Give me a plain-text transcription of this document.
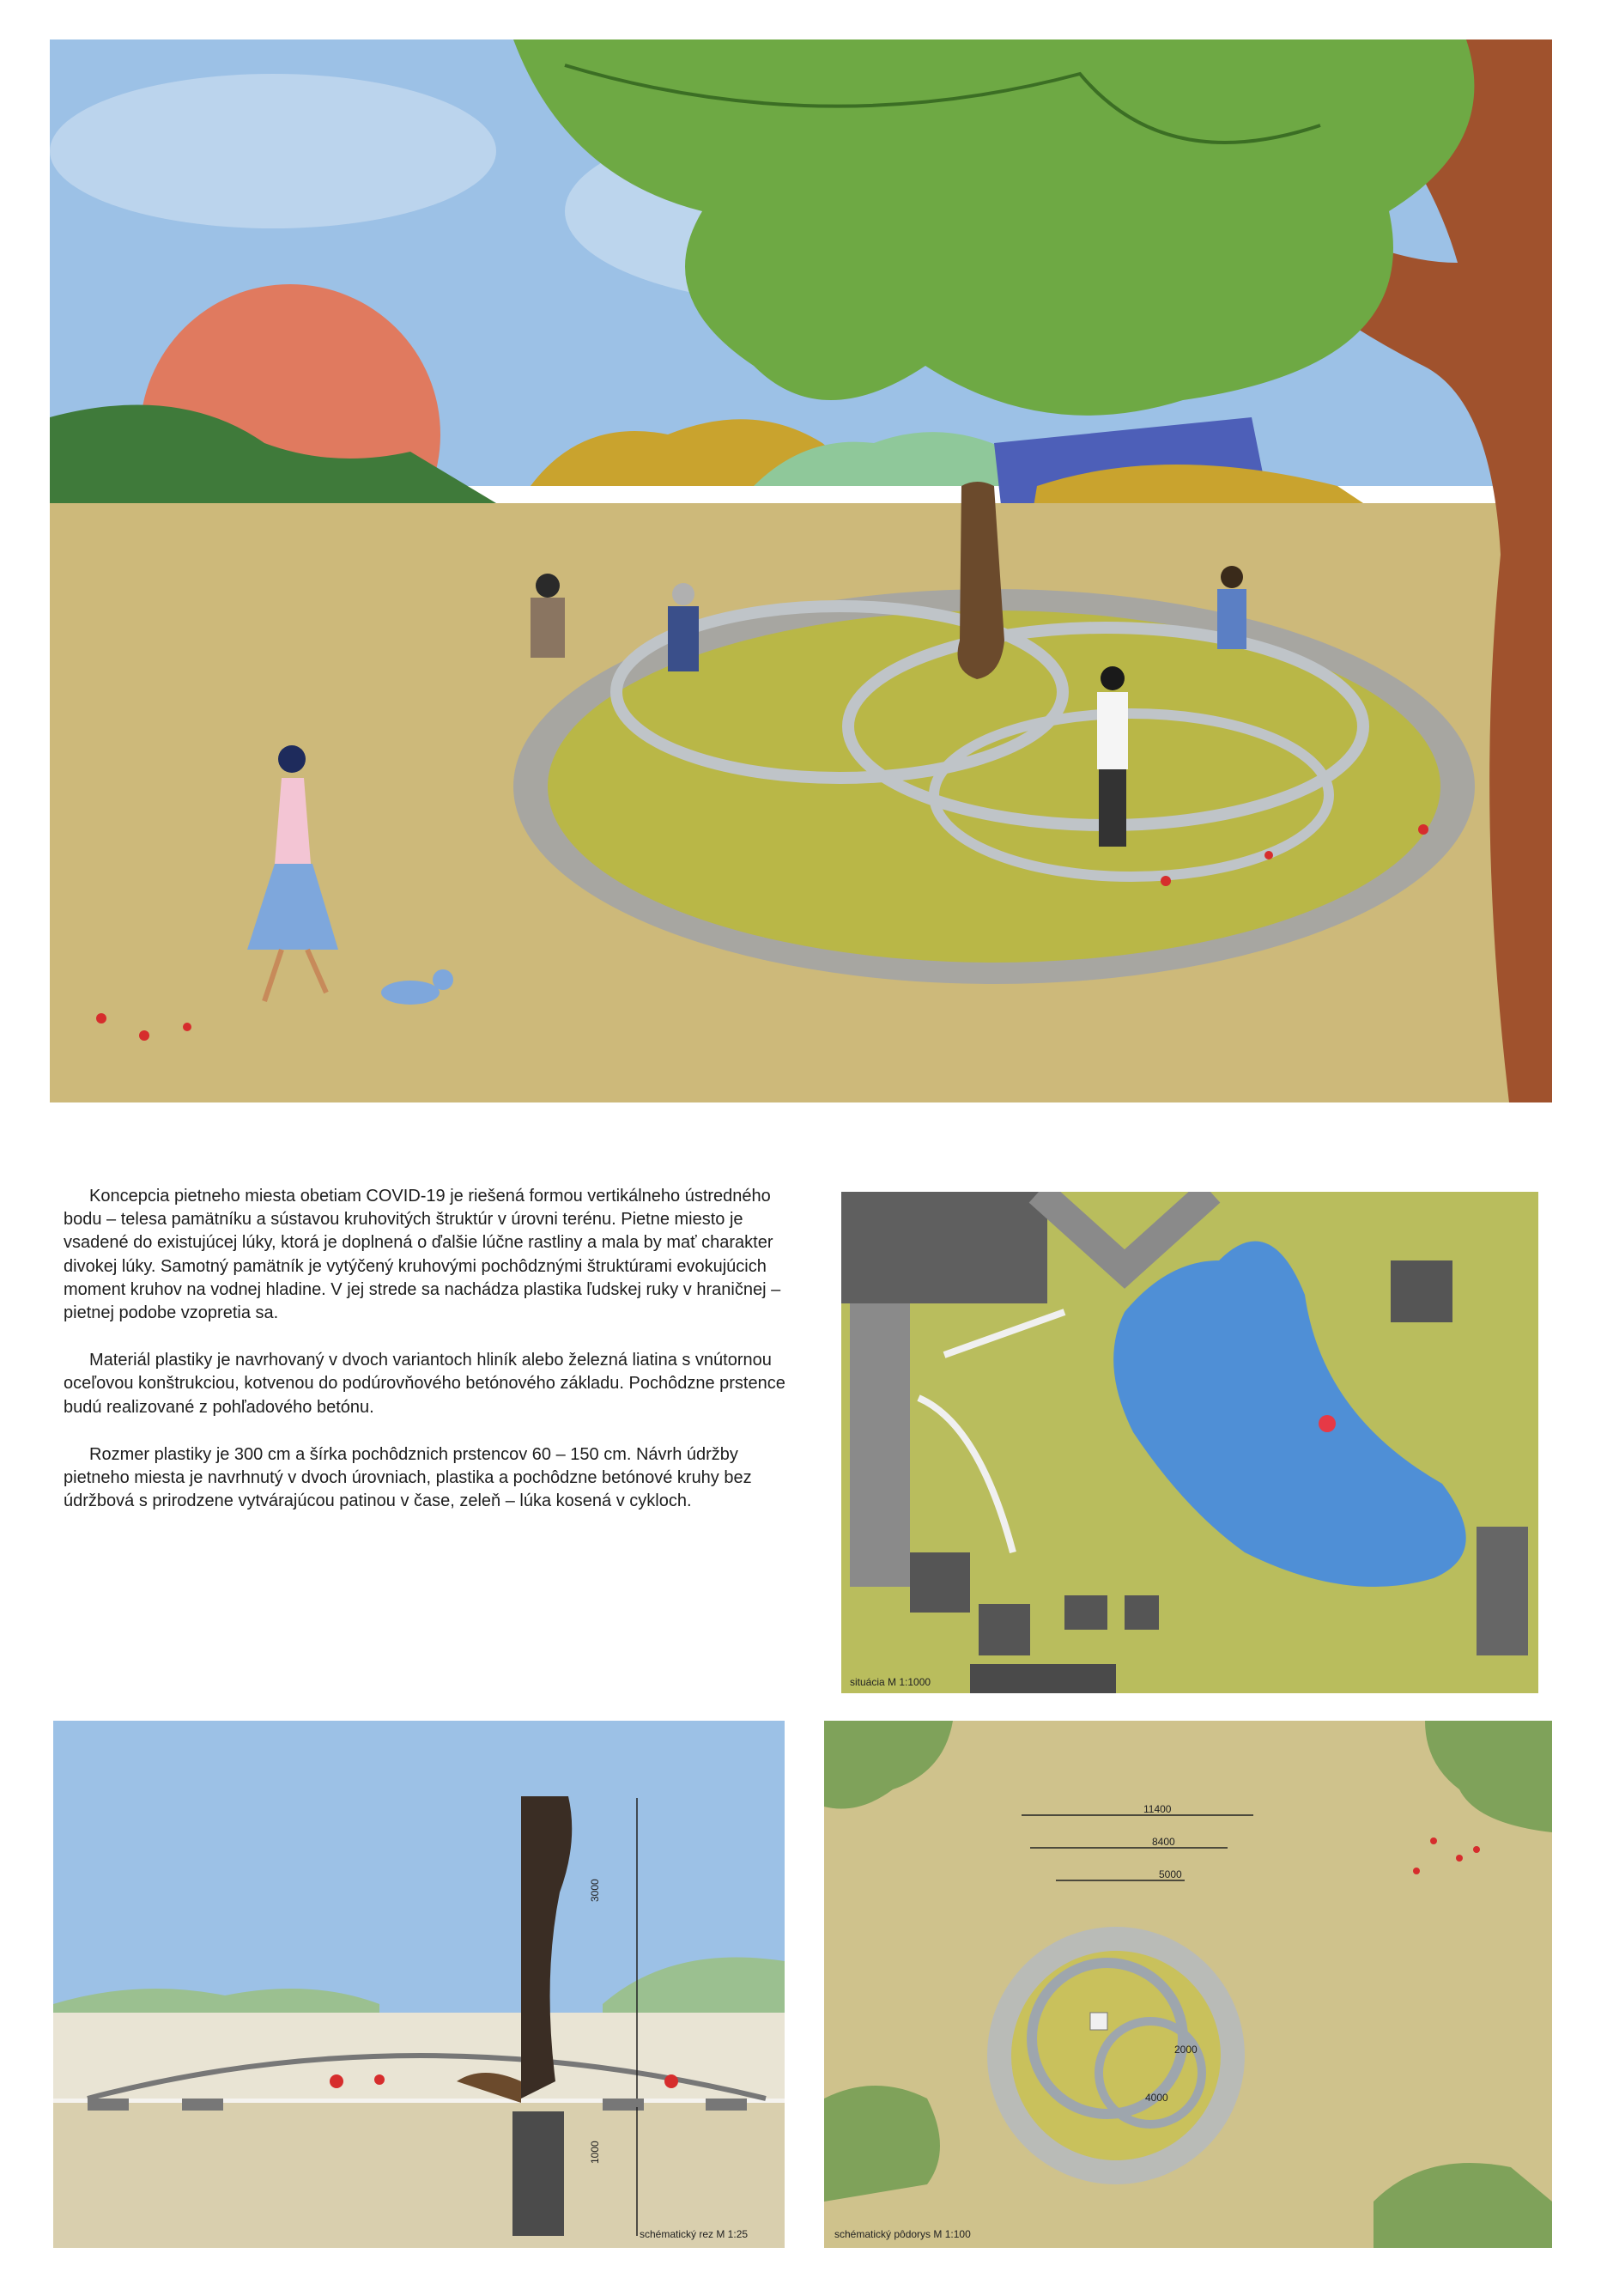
Koncepcia pietneho miesta obetiam COVID-19 je riešená formou vertikálneho ústredného bodu – telesa pamätníku a sústavou kruhovitých štruktúr v úrovni terénu. Pietne miesto je vsadené do existujúcej lúky, ktorá je doplnená o ďalšie lúčne rastliny a mala by mať charakter divokej lúky. Samotný pamätník je vytýčený kruhovými pochôdznými štruktúrami evokujúcich moment kruhov na vodnej hladine. V jej strede sa nachádza plastika ľudskej ruky v hraničnej – pietnej podobe vzopretia sa.

Materiál plastiky je navrhovaný v dvoch variantoch hliník alebo železná liatina s vnútornou oceľovou konštrukciou, kotvenou do podúrovňového betónového základu. Pochôdzne prstence budú realizované z pohľadového betónu.

Rozmer plastiky je 300 cm a šírka pochôdznich prstencov 60 – 150 cm. Návrh údržby pietneho miesta je navrhnutý v dvoch úrovniach, plastika a pochôdzne betónové kruhy bez údržbová s prirodzene vytvárajúcou patinou v čase, zeleň – lúka kosená v cykloch.

situácia M 1:1000
3000
1000
schématický rez M 1:25
11400
8400
5000
2000
4000
schématický pôdorys M 1:100
